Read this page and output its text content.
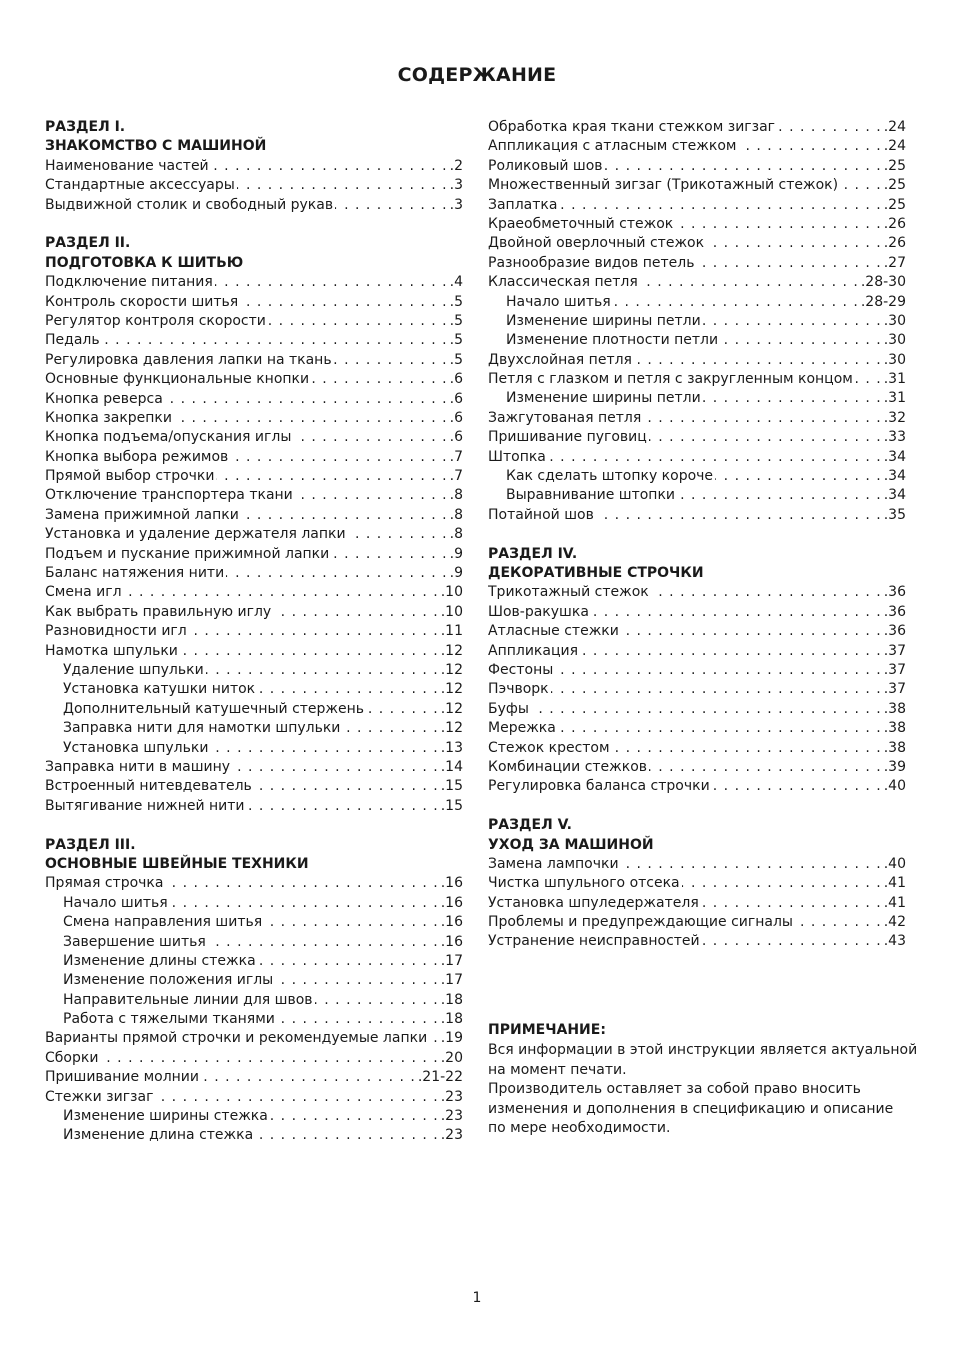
СОДЕРЖАНИЕ
РАЗДЕЛ I.
ЗНАКОМСТВО С МАШИНОЙ
Наименование частей . . .	.2
Стандартные аксессуары . . .	.3
Выдвижной столик и свободный рукав . . .	.3
РАЗДЕЛ II.
ПОДГОТОВКА К ШИТЬЮ
Подключение питания . . .	.4
Контроль скорости шитья . . .	.5
Регулятор контроля скорости . . .	.5
Педаль . . .	.5
Регулировка давления лапки на ткань . . .	.5
Основные функциональные кнопки . . .	.6
Кнопка реверса . . .	.6
Кнопка закрепки . . .	.6
Кнопка подъема/опускания иглы . . .	.6
Кнопка выбора режимов . . .	.7
Прямой выбор строчки . . .	.7
Отключение транспортера ткани . . .	.8
Замена прижимной лапки . . .	.8
Установка и удаление держателя лапки . . .	.8
Подъем и пускание прижимной лапки . . .	.9
Баланс натяжения нити . . .	.9
Смена игл . . .	.10
Как выбрать правильную иглу . . .	.10
Разновидности игл . . .	.11
Намотка шпульки . . .	.12
Удаление шпульки . . .	.12
Установка катушки ниток . . .	.12
Дополнительный катушечный стержень . . .	.12
Заправка нити для намотки шпульки . . .	.12
Установка шпульки . . .	.13
Заправка нити в машину . . .	.14
Встроенный нитевдеватель . . .	.15
Вытягивание нижней нити . . .	.15
РАЗДЕЛ III.
ОСНОВНЫЕ ШВЕЙНЫЕ ТЕХНИКИ
Прямая строчка . . .	.16
Начало шитья . . .	.16
Смена направления шитья . . .	.16
Завершение шитья . . .	.16
Изменение длины стежка . . .	.17
Изменение положения иглы . . .	.17
Направительные линии для швов . . .	.18
Работа с тяжелыми тканями . . .	.18
Варианты прямой строчки и рекомендуемые лапки . . . .19
Сборки . . .	.20
Пришивание молнии . . .	.21-22
Стежки зигзаг . . .	.23
Изменение ширины стежка . . .	.23
Изменение длина стежка . . .	.23
Обработка края ткани стежком зигзаг . . .	.24
Аппликация с атласным стежком . . .	.24
Роликовый шов . . .	.25
Множественный зигзаг (Трикотажный стежок) . . .	.25
Заплатка . . .	.25
Краеобметочный стежок . . .	.26
Двойной оверлочный стежок . . .	.26
Разнообразие видов петель . . .	.27
Классическая петля . . .	.28-30
Начало шитья . . .	.28-29
Изменение ширины петли . . .	.30
Изменение плотности петли . . .	.30
Двухслойная петля . . .	.30
Петля с глазком и петля с закругленным концом . . . .31
Изменение ширины петли . . .	.31
Зажгутованая петля . . .	.32
Пришивание пуговиц . . .	.33
Штопка . . .	.34
Как сделать штопку короче . . .	.34
Выравнивание штопки . . .	.34
Потайной шов . . .	.35
РАЗДЕЛ IV.
ДЕКОРАТИВНЫЕ СТРОЧКИ
Трикотажный стежок . . .	.36
Шов-ракушка . . .	.36
Атласные стежки . . .	.36
Аппликация . . .	.37
Фестоны . . .	.37
Пэчворк . . .	.37
Буфы . . .	.38
Мережка . . .	.38
Стежок крестом . . .	.38
Комбинации стежков . . .	.39
Регулировка баланса строчки . . .	.40
РАЗДЕЛ V.
УХОД ЗА МАШИНОЙ
Замена лампочки . . .	.40
Чистка шпульного отсека . . .	.41
Установка шпуледержателя . . .	.41
Проблемы и предупреждающие сигналы . . .	.42
Устранение неисправностей . . .	.43
ПРИМЕЧАНИЕ:
Вся информации в этой инструкции является актуальной
на момент печати.
Производитель оставляет за собой право вносить
изменения и дополнения в спецификацию и описание
по мере необходимости.
1
